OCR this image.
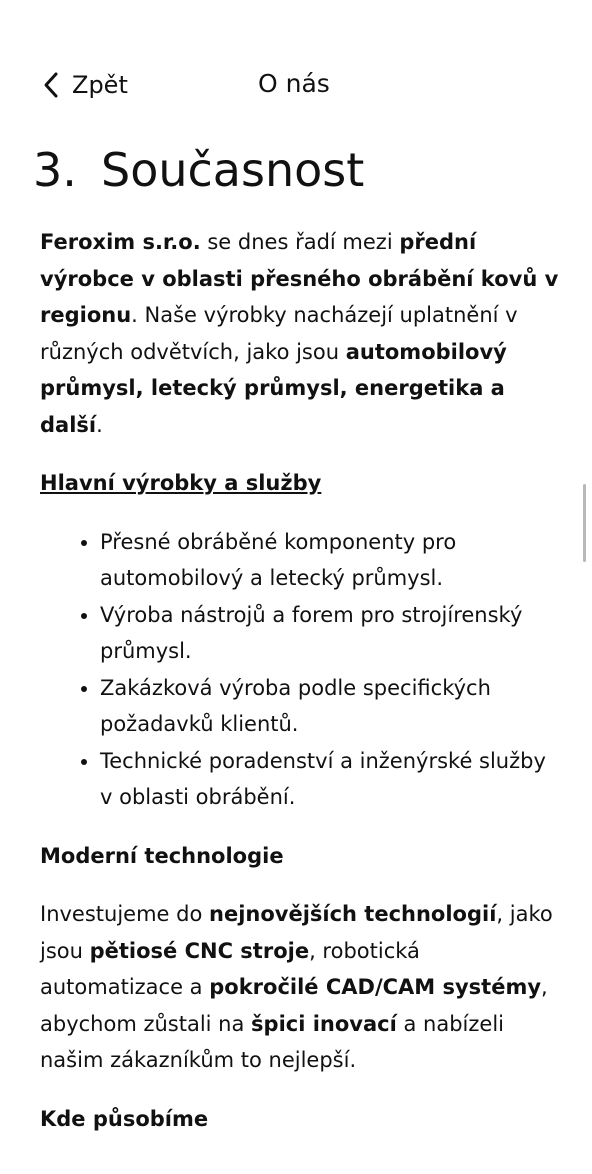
Zpět	O nás
3. Současnost

Feroxim s.r.o. se dnes řadí mezi přední výrobce v oblasti přesného obrábění kovů v regionu. Naše výrobky nacházejí uplatnění v různých odvětvích, jako jsou automobilový průmysl, letecký průmysl, energetika a další.

Hlavní výrobky a služby

• Přesné obráběné komponenty pro automobilový a letecký průmysl.
• Výroba nástrojů a forem pro strojírenský průmysl.
• Zakázková výroba podle specifických požadavků klientů.
• Technické poradenství a inženýrské služby v oblasti obrábění.

Moderní technologie

Investujeme do nejnovějších technologií, jako jsou pětiosé CNC stroje, robotická automatizace a pokročilé CAD/CAM systémy, abychom zůstali na špici inovací a nabízeli našim zákazníkům to nejlepší.

Kde působíme
